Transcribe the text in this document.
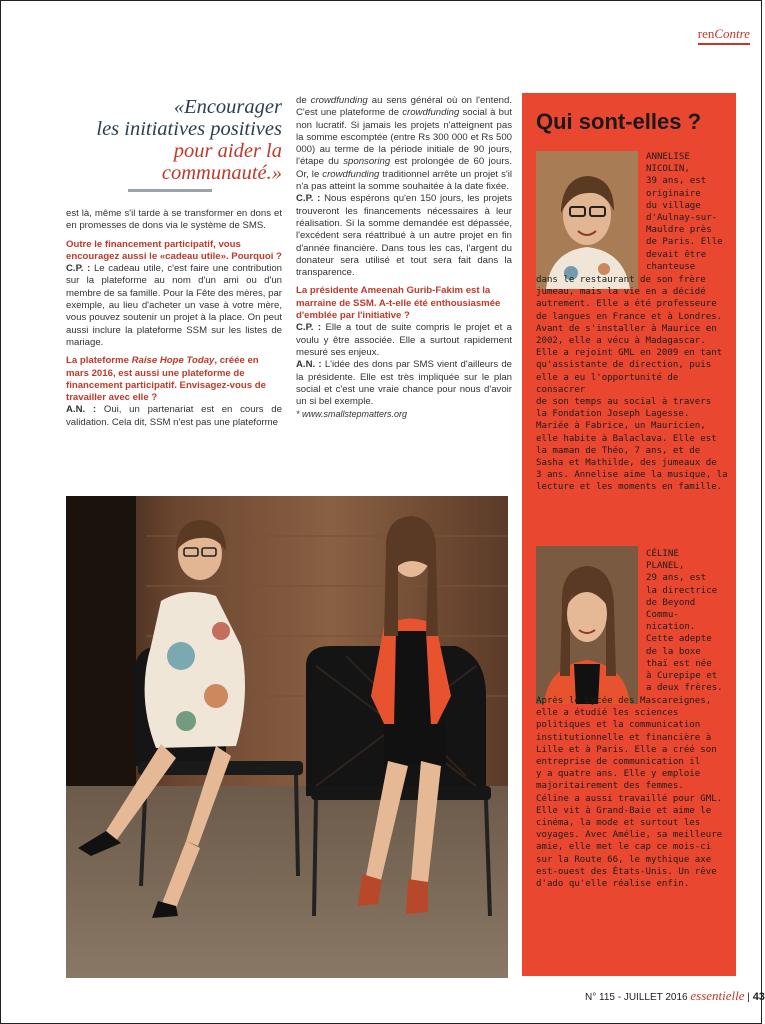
renContre
«Encourager
les initiatives positives
pour aider la
communauté.»

est là, même s'il tarde à se transformer en dons et en promesses de dons via le système de SMS.

Outre le financement participatif, vous encouragez aussi le «cadeau utile». Pourquoi ?

C.P. : Le cadeau utile, c'est faire une contribution sur la plateforme au nom d'un ami ou d'un membre de sa famille. Pour la Fête des mères, par exemple, au lieu d'acheter un vase à votre mère, vous pouvez soutenir un projet à la place. On peut aussi inclure la plateforme SSM sur les listes de mariage.

La plateforme Raise Hope Today, créée en mars 2016, est aussi une plateforme de financement participatif. Envisagez-vous de travailler avec elle ?

A.N. : Oui, un partenariat est en cours de validation. Cela dit, SSM n'est pas une plateforme

de crowdfunding au sens général où on l'entend. C'est une plateforme de crowdfunding social à but non lucratif. Si jamais les projets n'atteignent pas la somme escomptée (entre Rs 300 000 et Rs 500 000) au terme de la période initiale de 90 jours, l'étape du sponsoring est prolongée de 60 jours. Or, le crowdfunding traditionnel arrête un projet s'il n'a pas atteint la somme souhaitée à la date fixée.
C.P. : Nous espérons qu'en 150 jours, les projets trouveront les financements nécessaires à leur réalisation. Si la somme demandée est dépassée, l'excédent sera réattribué à un autre projet en fin d'année financière. Dans tous les cas, l'argent du donateur sera utilisé et tout sera fait dans la transparence.

La présidente Ameenah Gurib-Fakim est la marraine de SSM. A-t-elle été enthousiasmée d'emblée par l'initiative ?

C.P. : Elle a tout de suite compris le projet et a voulu y être associée. Elle a surtout rapidement mesuré ses enjeux.
A.N. : L'idée des dons par SMS vient d'ailleurs de la présidente. Elle est très impliquée sur le plan social et c'est une vraie chance pour nous d'avoir un si bel exemple.

* www.smallstepmatters.org

Qui sont-elles ?
ANNELISE
NICOLIN,
39 ans, est
originaire
du village
d'Aulnay-sur-
Mauldre près
de Paris. Elle
devait être
chanteuse
dans le restaurant de son frère
jumeau, mais la vie en a décidé
autrement. Elle a été professeure
de langues en France et à Londres.
Avant de s'installer à Maurice en
2002, elle a vécu à Madagascar.
Elle a rejoint GML en 2009 en tant
qu'assistante de direction, puis
elle a eu l'opportunité de consacrer
de son temps au social à travers
la Fondation Joseph Lagesse.
Mariée à Fabrice, un Mauricien,
elle habite à Balaclava. Elle est
la maman de Théo, 7 ans, et de
Sasha et Mathilde, des jumeaux de
3 ans. Annelise aime la musique, la
lecture et les moments en famille.
CÉLINE
PLANEL,
29 ans, est
la directrice
de Beyond
Commu-
nication.
Cette adepte
de la boxe
thaï est née
à Curepipe et
a deux frères.
Après le Lycée des Mascareignes,
elle a étudié les sciences
politiques et la communication
institutionnelle et financière à
Lille et à Paris. Elle a créé son
entreprise de communication il
y a quatre ans. Elle y emploie
majoritairement des femmes.
Céline a aussi travaillé pour GML.
Elle vit à Grand-Baie et aime le
cinéma, la mode et surtout les
voyages. Avec Amélie, sa meilleure
amie, elle met le cap ce mois-ci
sur la Route 66, le mythique axe
est-ouest des États-Unis. Un rêve
d'ado qu'elle réalise enfin.
N° 115 - JUILLET 2016 essentielle | 43
